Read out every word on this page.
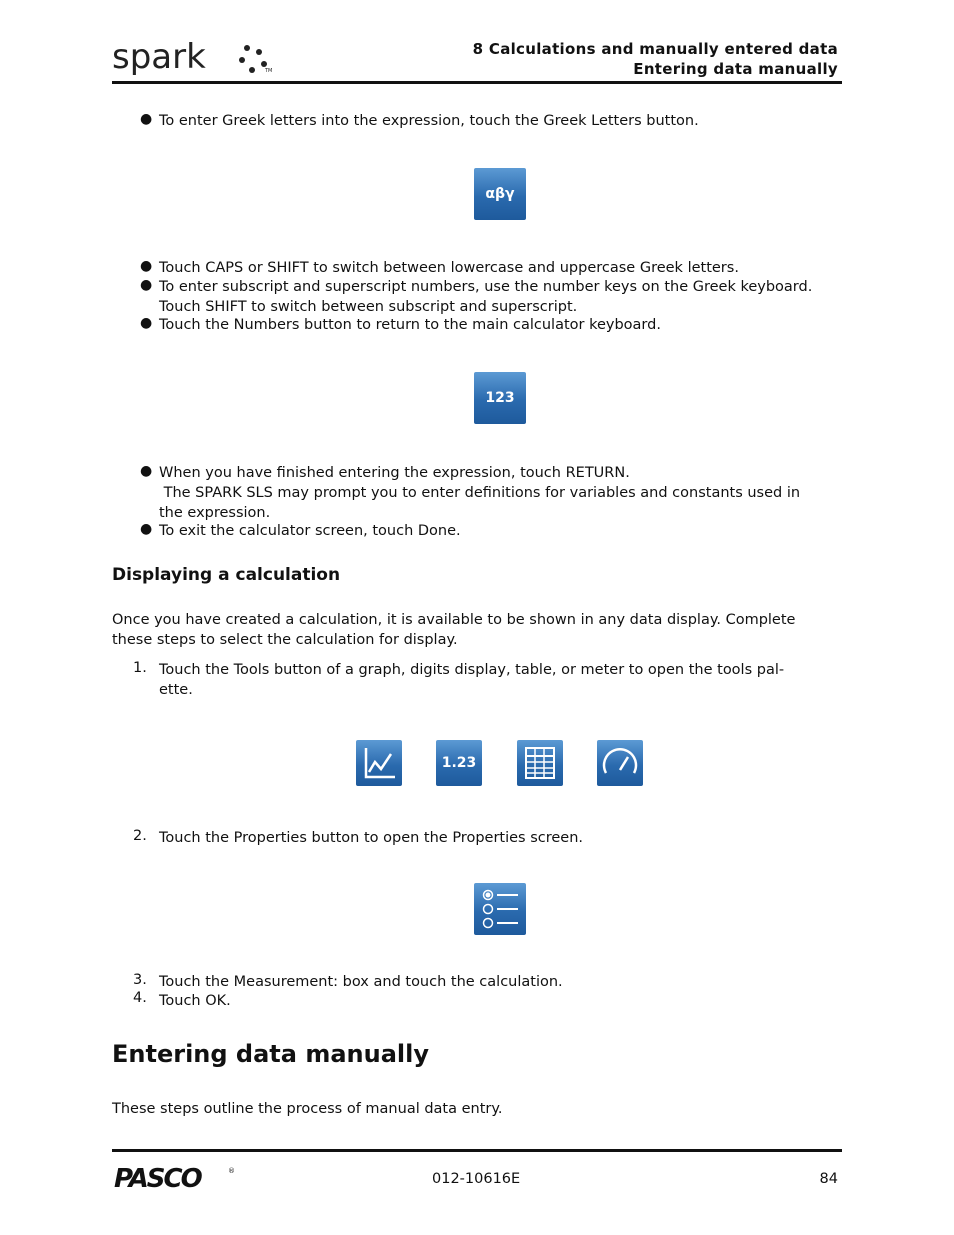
spark	TM
8 Calculations and manually entered data
Entering data manually
● To enter Greek letters into the expression, touch the Greek Letters button.
αβγ
● Touch CAPS or SHIFT to switch between lowercase and uppercase Greek letters.
● To enter subscript and superscript numbers, use the number keys on the Greek keyboard.
Touch SHIFT to switch between subscript and superscript.
● Touch the Numbers button to return to the main calculator keyboard.
123
● When you have finished entering the expression, touch RETURN.
The SPARK SLS may prompt you to enter definitions for variables and constants used in
the expression.
● To exit the calculator screen, touch Done.
Displaying a calculation
Once you have created a calculation, it is available to be shown in any data display. Complete
these steps to select the calculation for display.
1. Touch the Tools button of a graph, digits display, table, or meter to open the tools pal-
ette.
1.23
2. Touch the Properties button to open the Properties screen.
3. Touch the Measurement: box and touch the calculation.
4. Touch OK.
Entering data manually
These steps outline the process of manual data entry.
PASCO	®	012-10616E	84
